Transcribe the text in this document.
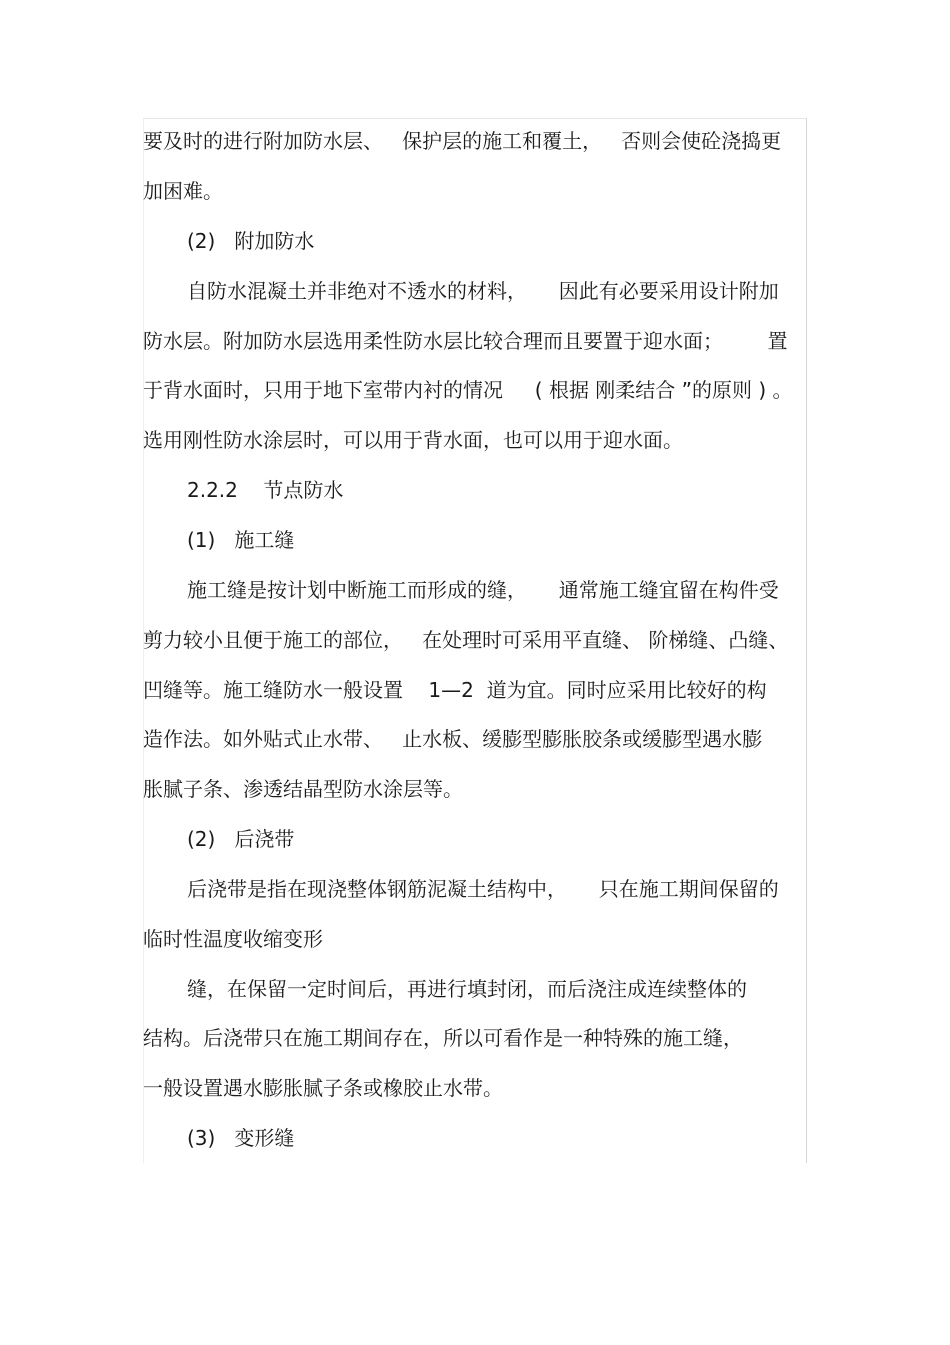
要及时的进行附加防水层、   保护层的施工和覆土，   否则会使砼浇捣更
加困难。
(2)   附加防水
自防水混凝土并非绝对不透水的材料，     因此有必要采用设计附加
防水层。附加防水层选用柔性防水层比较合理而且要置于迎水面；       置
于背水面时，只用于地下室带内衬的情况     ( 根据 刚柔结合 ”的原则 ) 。
选用刚性防水涂层时，可以用于背水面，也可以用于迎水面。
2.2.2    节点防水
(1)   施工缝
施工缝是按计划中断施工而形成的缝，     通常施工缝宜留在构件受
剪力较小且便于施工的部位，   在处理时可采用平直缝、 阶梯缝、凸缝、
凹缝等。施工缝防水一般设置    1—2  道为宜。同时应采用比较好的构
造作法。如外贴式止水带、   止水板、缓膨型膨胀胶条或缓膨型遇水膨
胀腻子条、渗透结晶型防水涂层等。
(2)   后浇带
后浇带是指在现浇整体钢筋泥凝土结构中，     只在施工期间保留的
临时性温度收缩变形
缝，在保留一定时间后，再进行填封闭，而后浇注成连续整体的
结构。后浇带只在施工期间存在，所以可看作是一种特殊的施工缝，
一般设置遇水膨胀腻子条或橡胶止水带。
(3)   变形缝
